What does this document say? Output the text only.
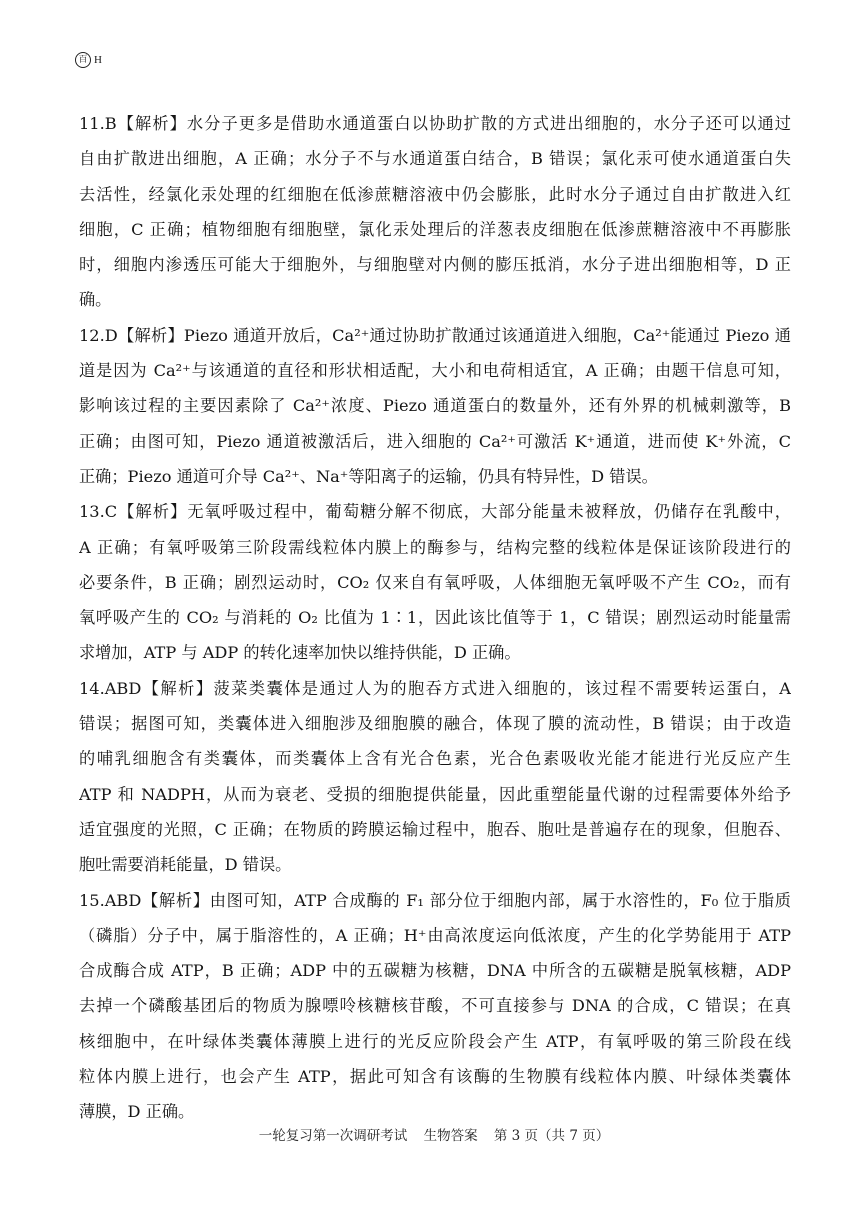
百 H
11.B【解析】水分子更多是借助水通道蛋白以协助扩散的方式进出细胞的，水分子还可以通过
自由扩散进出细胞，A 正确；水分子不与水通道蛋白结合，B 错误；氯化汞可使水通道蛋白失
去活性，经氯化汞处理的红细胞在低渗蔗糖溶液中仍会膨胀，此时水分子通过自由扩散进入红
细胞，C 正确；植物细胞有细胞壁，氯化汞处理后的洋葱表皮细胞在低渗蔗糖溶液中不再膨胀
时，细胞内渗透压可能大于细胞外，与细胞壁对内侧的膨压抵消，水分子进出细胞相等，D 正
确。
12.D【解析】Piezo 通道开放后，Ca²⁺通过协助扩散通过该通道进入细胞，Ca²⁺能通过 Piezo 通
道是因为 Ca²⁺与该通道的直径和形状相适配，大小和电荷相适宜，A 正确；由题干信息可知，
影响该过程的主要因素除了 Ca²⁺浓度、Piezo 通道蛋白的数量外，还有外界的机械刺激等，B
正确；由图可知，Piezo 通道被激活后，进入细胞的 Ca²⁺可激活 K⁺通道，进而使 K⁺外流，C
正确；Piezo 通道可介导 Ca²⁺、Na⁺等阳离子的运输，仍具有特异性，D 错误。
13.C【解析】无氧呼吸过程中，葡萄糖分解不彻底，大部分能量未被释放，仍储存在乳酸中，
A 正确；有氧呼吸第三阶段需线粒体内膜上的酶参与，结构完整的线粒体是保证该阶段进行的
必要条件，B 正确；剧烈运动时，CO₂ 仅来自有氧呼吸，人体细胞无氧呼吸不产生 CO₂，而有
氧呼吸产生的 CO₂ 与消耗的 O₂ 比值为 1∶1，因此该比值等于 1，C 错误；剧烈运动时能量需
求增加，ATP 与 ADP 的转化速率加快以维持供能，D 正确。
14.ABD【解析】菠菜类囊体是通过人为的胞吞方式进入细胞的，该过程不需要转运蛋白，A
错误；据图可知，类囊体进入细胞涉及细胞膜的融合，体现了膜的流动性，B 错误；由于改造
的哺乳细胞含有类囊体，而类囊体上含有光合色素，光合色素吸收光能才能进行光反应产生
ATP 和 NADPH，从而为衰老、受损的细胞提供能量，因此重塑能量代谢的过程需要体外给予
适宜强度的光照，C 正确；在物质的跨膜运输过程中，胞吞、胞吐是普遍存在的现象，但胞吞、
胞吐需要消耗能量，D 错误。
15.ABD【解析】由图可知，ATP 合成酶的 F₁ 部分位于细胞内部，属于水溶性的，F₀ 位于脂质
（磷脂）分子中，属于脂溶性的，A 正确；H⁺由高浓度运向低浓度，产生的化学势能用于 ATP
合成酶合成 ATP，B 正确；ADP 中的五碳糖为核糖，DNA 中所含的五碳糖是脱氧核糖，ADP
去掉一个磷酸基团后的物质为腺嘌呤核糖核苷酸，不可直接参与 DNA 的合成，C 错误；在真
核细胞中，在叶绿体类囊体薄膜上进行的光反应阶段会产生 ATP，有氧呼吸的第三阶段在线
粒体内膜上进行，也会产生 ATP，据此可知含有该酶的生物膜有线粒体内膜、叶绿体类囊体
薄膜，D 正确。
一轮复习第一次调研考试 生物答案 第 3 页（共 7 页）
